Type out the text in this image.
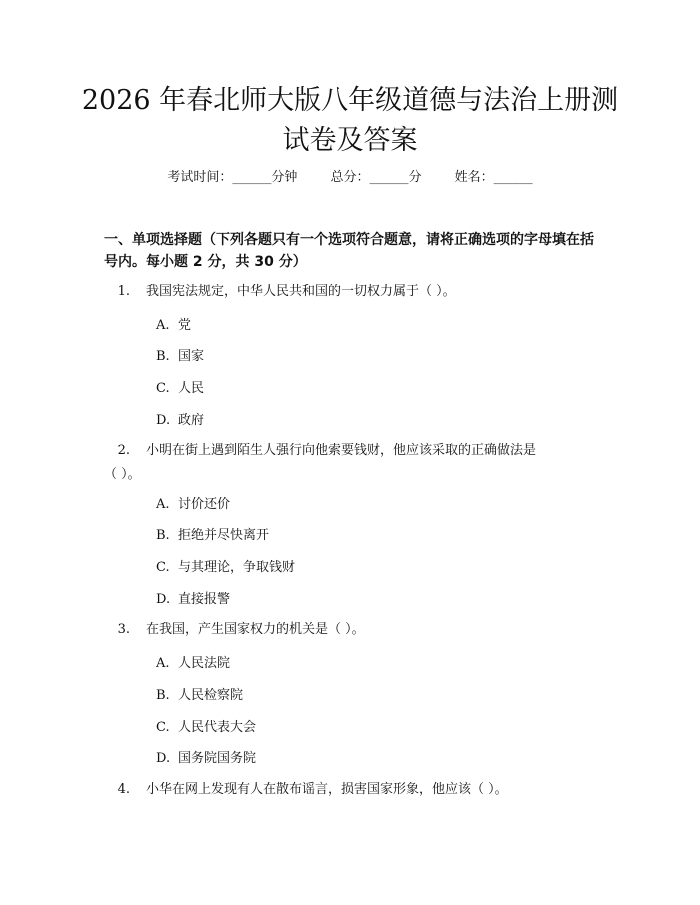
2026 年春北师大版八年级道德与法治上册测
试卷及答案
考试时间：______分钟	总分：______分	姓名：______
一、单项选择题（下列各题只有一个选项符合题意，请将正确选项的字母填在括
号内。每小题 2 分，共 30 分）
1. 我国宪法规定，中华人民共和国的一切权力属于（ ）。
A. 党
B. 国家
C. 人民
D. 政府
2. 小明在街上遇到陌生人强行向他索要钱财，他应该采取的正确做法是
（ ）。
A. 讨价还价
B. 拒绝并尽快离开
C. 与其理论，争取钱财
D. 直接报警
3. 在我国，产生国家权力的机关是（ ）。
A. 人民法院
B. 人民检察院
C. 人民代表大会
D. 国务院国务院
4. 小华在网上发现有人在散布谣言，损害国家形象，他应该（ ）。
